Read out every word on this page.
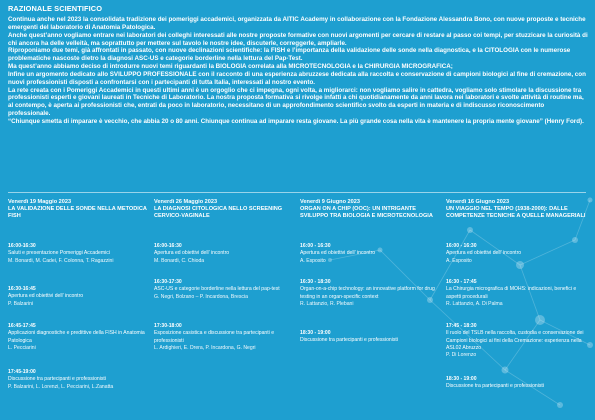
RAZIONALE SCIENTIFICO

Continua anche nel 2023 la consolidata tradizione dei pomeriggi accademici, organizzata da AITIC Academy in collaborazione con la Fondazione Alessandra Bono, con nuove proposte e tecniche emergenti del laboratorio di Anatomia Patologica.

Anche quest’anno vogliamo entrare nei laboratori dei colleghi interessati alle nostre proposte formative con nuovi argomenti per cercare di restare al passo coi tempi, per stuzzicare la curiosità di chi ancora ha delle velleità, ma soprattutto per mettere sul tavolo le nostre idee, discuterle, correggerle, ampliarle.

Riproponiamo due temi, già affrontati in passato, con nuove declinazioni scientifiche: la FISH e l’importanza della validazione delle sonde nella diagnostica, e la CITOLOGIA con le numerose problematiche nascoste dietro la diagnosi ASC-US e categorie borderline nella lettura del Pap-Test.

Ma quest’anno abbiamo deciso di introdurre nuovi temi riguardanti la BIOLOGIA correlata alla MICROTECNOLOGIA e la CHIRURGIA MICROGRAFICA;

Infine un argomento dedicato allo SVILUPPO PROFESSIONALE con il racconto di una esperienza abruzzese dedicata alla raccolta e conservazione di campioni biologici al fine di cremazione, con nuovi professionisti disposti a confrontarsi con i partecipanti di tutta Italia, interessati al nostro evento.

La rete creata con i Pomeriggi Accademici in questi ultimi anni è un orgoglio che ci impegna, ogni volta, a migliorarci: non vogliamo salire in cattedra, vogliamo solo stimolare la discussione tra professionisti esperti e giovani laureati in Tecniche di Laboratorio. La nostra proposta formativa si rivolge infatti a chi quotidianamente da anni lavora nei laboratori e svolte attività di routine ma, al contempo, è aperta ai professionisti che, entrati da poco in laboratorio, necessitano di un approfondimento scientifico svolto da esperti in materia e di indiscusso riconoscimento professionale.

“Chiunque smetta di imparare è vecchio, che abbia 20 o 80 anni. Chiunque continua ad imparare resta giovane. La più grande cosa nella vita è mantenere la propria mente giovane” (Henry Ford).

Venerdì 19 Maggio 2023

LA VALIDAZIONE DELLE SONDE NELLA METODICA FISH

16:00-16:30
Saluti e presentazione Pomeriggi Accademici
M. Bonardi, M. Cadei, F. Colonna, T. Ragazzini
16:30-16:45
Apertura ed obiettivi dell’ incontro
P. Balzarini
16:45-17:45
Applicazioni diagnostiche e predittive della FISH in Anatomia Patologica
L. Pecciarini
17:45-19:00
Discussione tra partecipanti e professionisti
P. Balzarini, L. Lorenzi, L. Pecciarini, L.Zanatta

Venerdì 26 Maggio 2023

LA DIAGNOSI CITOLOGICA NELLO SCREENING CERVICO-VAGINALE

16:00-16:30
Apertura ed obiettivi dell’ incontro
M. Bonardi, C. Chioda
16:30-17:30
ASC-US e categorie borderline nella lettura del pap-test
G. Negri, Bolzano – P. Incardona, Brescia
17:30-18:00
Esposizione casistica e discussione tra partecipanti e professionisti
L. Ardighieri, E. Drera, P. Incardona, G. Negri

Venerdì 9 Giugno 2023

ORGAN ON A CHIP (OOC): UN INTRIGANTE SVILUPPO TRA BIOLOGIA E MICROTECNOLOGIA

16:00 - 16:30
Apertura ed obiettivi dell’ incontro
A. Esposito
16:30 - 18:30
Organ-on-a-chip technology: an innovative platform for drug testing in an organ-specific context
R. Lattanzio, R. Plebani
18:30 - 19:00
Discussione tra partecipanti e professionisti

Venerdì 16 Giugno 2023

UN VIAGGIO NEL TEMPO (1938-2000): DALLE COMPETENZE TECNICHE A QUELLE MANAGERIALI

16:00 - 16:30
Apertura ed obiettivi dell’ incontro
A. Esposito
16:30 - 17:45
La Chirurgia micrografica di MOHS: indicazioni, benefici e aspetti procedurali
R. Lattanzio, A. Di Palma
17:45 - 18:30
Il ruolo del TSLB nella raccolta, custodia e conservazione dei Campioni biologici ai fini della Cremazione: esperienza nella ASL02 Abruzzo
P. Di Lorenzo
18:30 - 19:00
Discussione tra partecipanti e professionisti
